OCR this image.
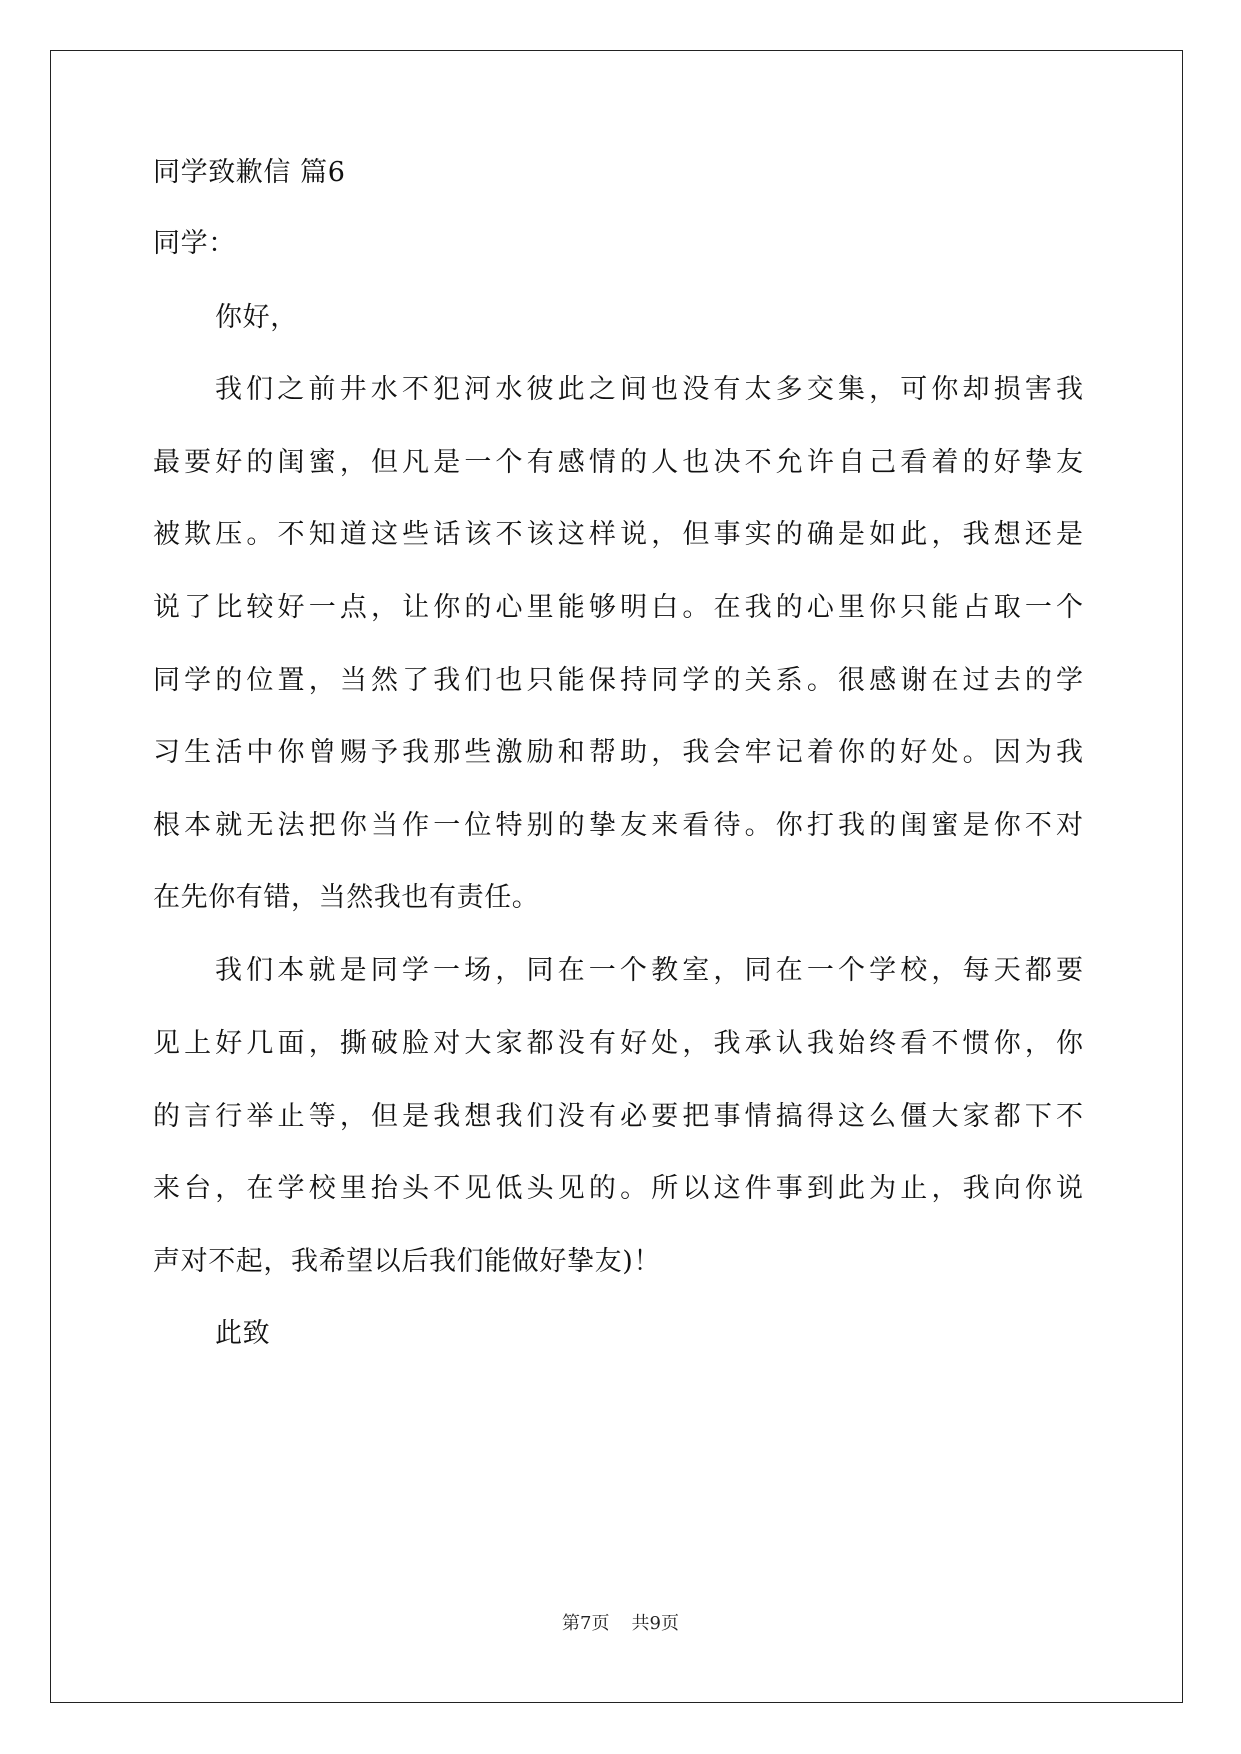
同学致歉信 篇6
同学：
你好，
我们之前井水不犯河水彼此之间也没有太多交集，可你却损害我
最要好的闺蜜，但凡是一个有感情的人也决不允许自己看着的好挚友
被欺压。不知道这些话该不该这样说，但事实的确是如此，我想还是
说了比较好一点，让你的心里能够明白。在我的心里你只能占取一个
同学的位置，当然了我们也只能保持同学的关系。很感谢在过去的学
习生活中你曾赐予我那些激励和帮助，我会牢记着你的好处。因为我
根本就无法把你当作一位特别的挚友来看待。你打我的闺蜜是你不对
在先你有错，当然我也有责任。
我们本就是同学一场，同在一个教室，同在一个学校，每天都要
见上好几面，撕破脸对大家都没有好处，我承认我始终看不惯你，你
的言行举止等，但是我想我们没有必要把事情搞得这么僵大家都下不
来台，在学校里抬头不见低头见的。所以这件事到此为止，我向你说
声对不起，我希望以后我们能做好挚友)！
此致
第7页 共9页
